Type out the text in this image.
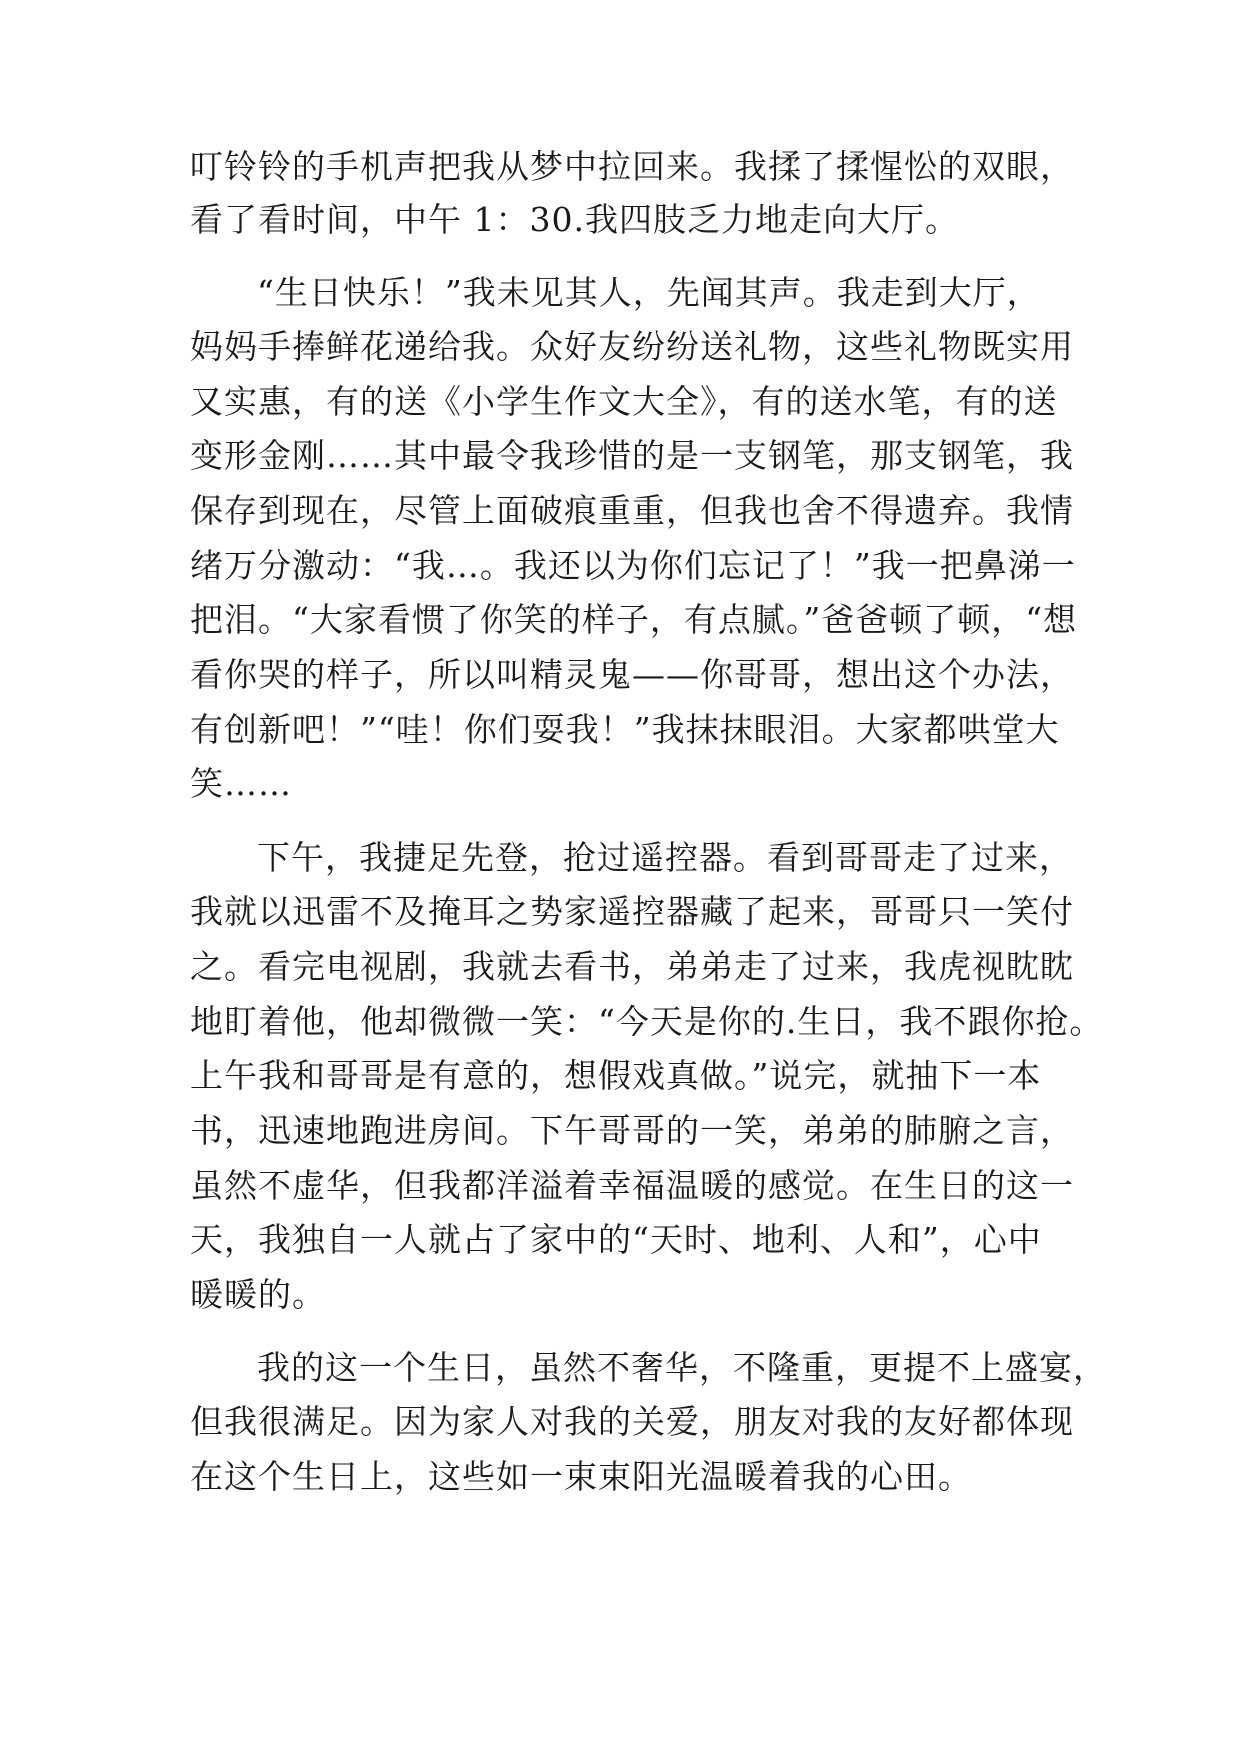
叮铃铃的手机声把我从梦中拉回来。我揉了揉惺忪的双眼，
看了看时间，中午 1：30.我四肢乏力地走向大厅。
“生日快乐！”我未见其人，先闻其声。我走到大厅，
妈妈手捧鲜花递给我。众好友纷纷送礼物，这些礼物既实用
又实惠，有的送《小学生作文大全》，有的送水笔，有的送
变形金刚……其中最令我珍惜的是一支钢笔，那支钢笔，我
保存到现在，尽管上面破痕重重，但我也舍不得遗弃。我情
绪万分激动：“我…。我还以为你们忘记了！”我一把鼻涕一
把泪。“大家看惯了你笑的样子，有点腻。”爸爸顿了顿，“想
看你哭的样子，所以叫精灵鬼——你哥哥，想出这个办法，
有创新吧！”“哇！你们耍我！”我抹抹眼泪。大家都哄堂大
笑……
下午，我捷足先登，抢过遥控器。看到哥哥走了过来，
我就以迅雷不及掩耳之势家遥控器藏了起来，哥哥只一笑付
之。看完电视剧，我就去看书，弟弟走了过来，我虎视眈眈
地盯着他，他却微微一笑：“今天是你的.生日，我不跟你抢。
上午我和哥哥是有意的，想假戏真做。”说完，就抽下一本
书，迅速地跑进房间。下午哥哥的一笑，弟弟的肺腑之言，
虽然不虚华，但我都洋溢着幸福温暖的感觉。在生日的这一
天，我独自一人就占了家中的“天时、地利、人和”，心中
暖暖的。
我的这一个生日，虽然不奢华，不隆重，更提不上盛宴，
但我很满足。因为家人对我的关爱，朋友对我的友好都体现
在这个生日上，这些如一束束阳光温暖着我的心田。
